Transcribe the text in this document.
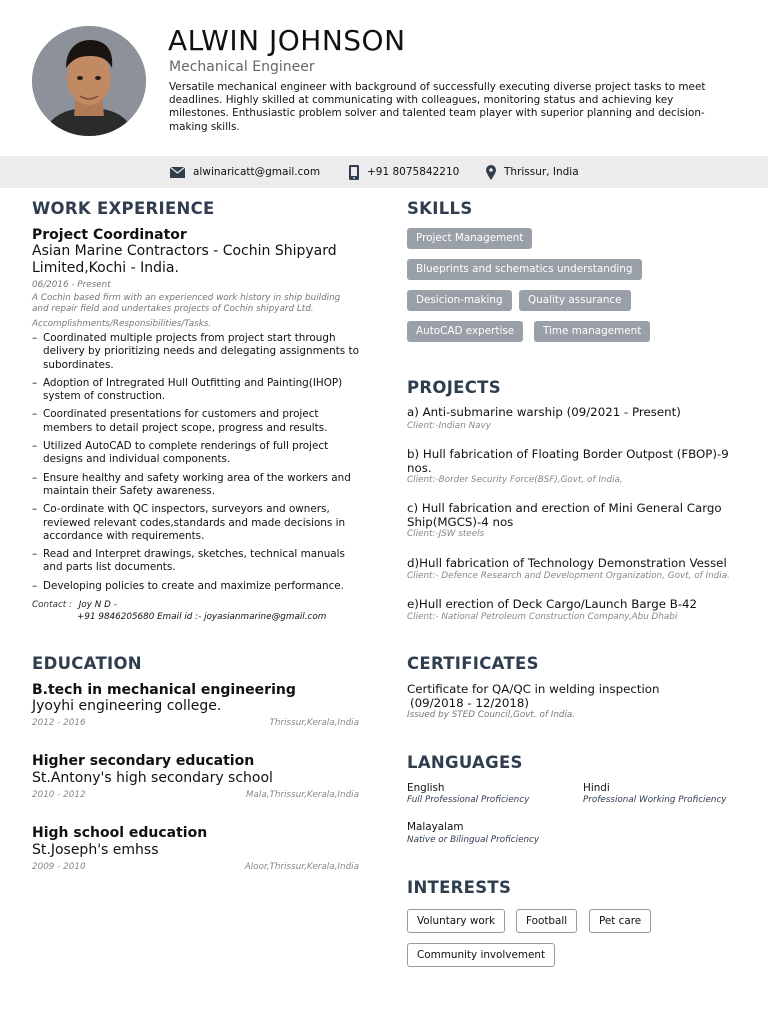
ALWIN JOHNSON
Mechanical Engineer
Versatile mechanical engineer with background of successfully executing diverse project tasks to meet deadlines. Highly skilled at communicating with colleagues, monitoring status and achieving key milestones. Enthusiastic problem solver and talented team player with superior planning and decision-making skills.
alwinaricatt@gmail.com	+91 8075842210	Thrissur, India
WORK EXPERIENCE
Project Coordinator
Asian Marine Contractors - Cochin Shipyard Limited,Kochi - India.
06/2016 - Present
A Cochin based firm with an experienced work history in ship building and repair field and undertakes projects of Cochin shipyard Ltd.
Accomplishments/Responsibilities/Tasks.
– Coordinated multiple projects from project start through delivery by prioritizing needs and delegating assignments to subordinates.
– Adoption of Intregrated Hull Outfitting and Painting(IHOP) system of construction.
– Coordinated presentations for customers and project members to detail project scope, progress and results.
– Utilized AutoCAD to complete renderings of full project designs and individual components.
– Ensure healthy and safety working area of the workers and maintain their Safety awareness.
– Co-ordinate with QC inspectors, surveyors and owners, reviewed relevant codes,standards and made decisions in accordance with requirements.
– Read and Interpret drawings, sketches, technical manuals and parts list documents.
– Developing policies to create and maximize performance.
Contact : Joy N D -
+91 9846205680 Email id :- joyasianmarine@gmail.com
SKILLS
Project Management
Blueprints and schematics understanding
Desicion-making	Quality assurance
AutoCAD expertise	Time management
PROJECTS
a) Anti-submarine warship (09/2021 - Present)
Client:-Indian Navy
b) Hull fabrication of Floating Border Outpost (FBOP)-9 nos.
Client:-Border Security Force(BSF),Govt, of India,
c) Hull fabrication and erection of Mini General Cargo Ship(MGCS)-4 nos
Client:-JSW steels
d)Hull fabrication of Technology Demonstration Vessel
Client:- Defence Research and Development Organization, Govt, of India.
e)Hull erection of Deck Cargo/Launch Barge B-42
Client:- National Petroleum Construction Company,Abu Dhabi
EDUCATION
B.tech in mechanical engineering
Jyoyhi engineering college.
2012 - 2016	Thrissur,Kerala,India
Higher secondary education
St.Antony's high secondary school
2010 - 2012	Mala,Thrissur,Kerala,India
High school education
St.Joseph's emhss
2009 - 2010	Aloor,Thrissur,Kerala,India
CERTIFICATES
Certificate for QA/QC in welding inspection
(09/2018 - 12/2018)
Issued by STED Council,Govt. of India.
LANGUAGES
English
Full Professional Proficiency
Hindi
Professional Working Proficiency
Malayalam
Native or Bilingual Proficiency
INTERESTS
Voluntary work	Football	Pet care
Community involvement
